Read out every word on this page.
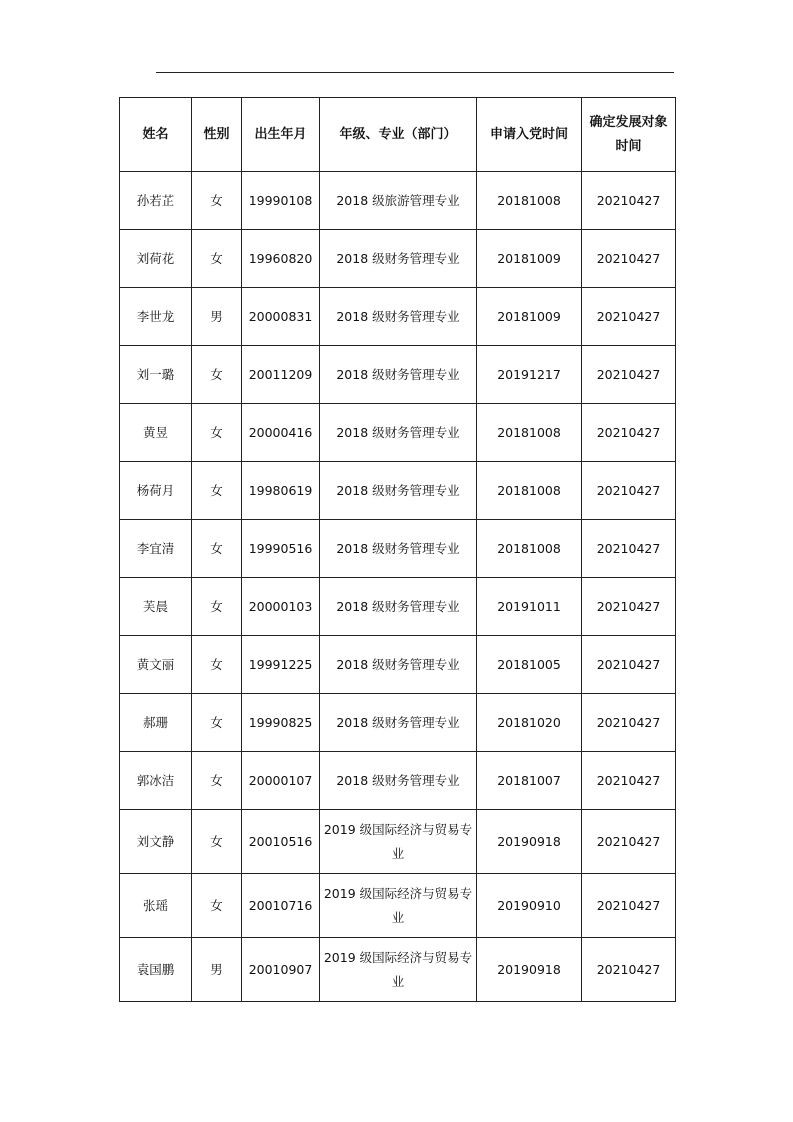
姓名	性别	出生年月	年级、专业（部门）	申请入党时间	确定发展对象时间
孙若芷	女	19990108	2018 级旅游管理专业	20181008	20210427
刘荷花	女	19960820	2018 级财务管理专业	20181009	20210427
李世龙	男	20000831	2018 级财务管理专业	20181009	20210427
刘一璐	女	20011209	2018 级财务管理专业	20191217	20210427
黄昱	女	20000416	2018 级财务管理专业	20181008	20210427
杨荷月	女	19980619	2018 级财务管理专业	20181008	20210427
李宜清	女	19990516	2018 级财务管理专业	20181008	20210427
芙晨	女	20000103	2018 级财务管理专业	20191011	20210427
黄文丽	女	19991225	2018 级财务管理专业	20181005	20210427
郝珊	女	19990825	2018 级财务管理专业	20181020	20210427
郭冰洁	女	20000107	2018 级财务管理专业	20181007	20210427
刘文静	女	20010516	2019 级国际经济与贸易专业	20190918	20210427
张瑶	女	20010716	2019 级国际经济与贸易专业	20190910	20210427
袁国鹏	男	20010907	2019 级国际经济与贸易专业	20190918	20210427
